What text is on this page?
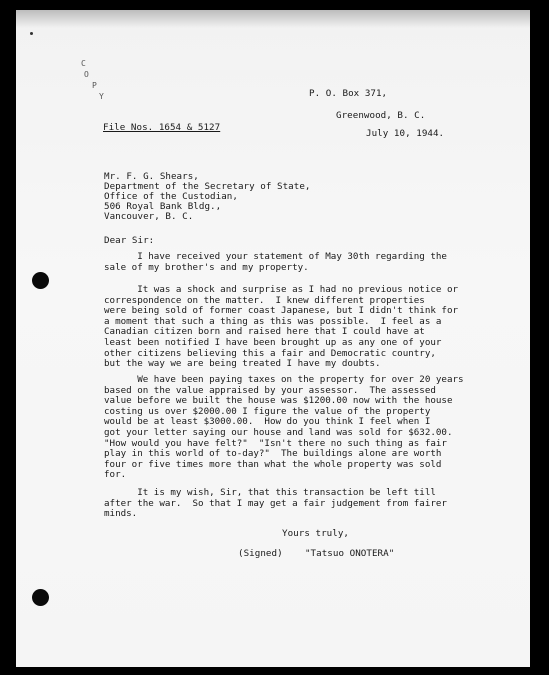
C
O
P
Y	P. O. Box 371,
Greenwood, B. C.
July 10, 1944.
File Nos. 1654 & 5127
Mr. F. G. Shears,
Department of the Secretary of State,
Office of the Custodian,
506 Royal Bank Bldg.,
Vancouver, B. C.
Dear Sir:
I have received your statement of May 30th regarding the
sale of my brother's and my property.
It was a shock and surprise as I had no previous notice or
correspondence on the matter.  I knew different properties
were being sold of former coast Japanese, but I didn't think for
a moment that such a thing as this was possible.  I feel as a
Canadian citizen born and raised here that I could have at
least been notified I have been brought up as any one of your
other citizens believing this a fair and Democratic country,
but the way we are being treated I have my doubts.
We have been paying taxes on the property for over 20 years
based on the value appraised by your assessor.  The assessed
value before we built the house was $1200.00 now with the house
costing us over $2000.00 I figure the value of the property
would be at least $3000.00.  How do you think I feel when I
got your letter saying our house and land was sold for $632.00.
"How would you have felt?"  "Isn't there no such thing as fair
play in this world of to-day?"  The buildings alone are worth
four or five times more than what the whole property was sold
for.
It is my wish, Sir, that this transaction be left till
after the war.  So that I may get a fair judgement from fairer
minds.
Yours truly,
(Signed)    "Tatsuo ONOTERA"
